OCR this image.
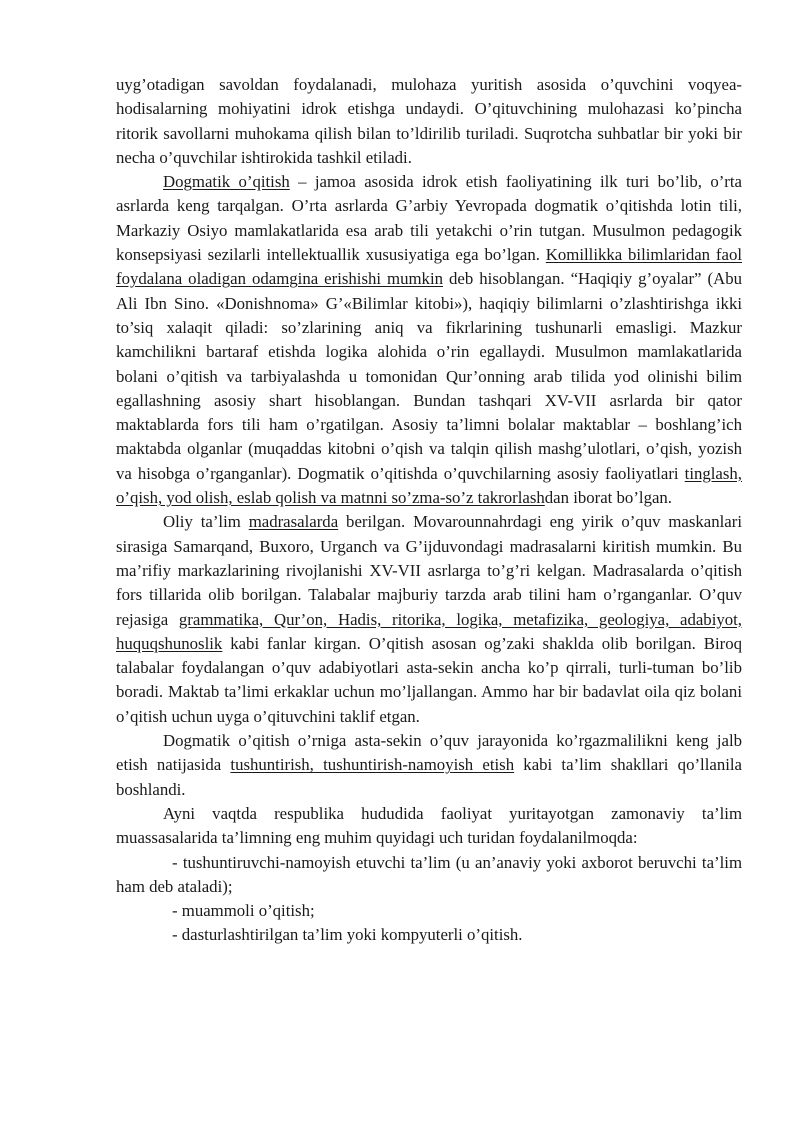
uyg’otadigan savoldan foydalanadi, mulohaza yuritish asosida o’quvchini voqyea-hodisalarning mohiyatini idrok etishga undaydi. O’qituvchining mulohazasi ko’pincha ritorik savollarni muhokama qilish bilan to’ldirilib turiladi. Suqrotcha suhbatlar bir yoki bir necha o’quvchilar ishtirokida tashkil etiladi.

Dogmatik o’qitish – jamoa asosida idrok etish faoliyatining ilk turi bo’lib, o’rta asrlarda keng tarqalgan. O’rta asrlarda G’arbiy Yevropada dogmatik o’qitishda lotin tili, Markaziy Osiyo mamlakatlarida esa arab tili yetakchi o’rin tutgan. Musulmon pedagogik konsepsiyasi sezilarli intellektuallik xususiyatiga ega bo’lgan. Komillikka bilimlaridan faol foydalana oladigan odamgina erishishi mumkin deb hisoblangan. “Haqiqiy g’oyalar” (Abu Ali Ibn Sino. «Donishnoma» G’«Bilimlar kitobi»), haqiqiy bilimlarni o’zlashtirishga ikki to’siq xalaqit qiladi: so’zlarining aniq va fikrlarining tushunarli emasligi. Mazkur kamchilikni bartaraf etishda logika alohida o’rin egallaydi. Musulmon mamlakatlarida bolani o’qitish va tarbiyalashda u tomonidan Qur’onning arab tilida yod olinishi bilim egallashning asosiy shart hisoblangan. Bundan tashqari XV-VII asrlarda bir qator maktablarda fors tili ham o’rgatilgan. Asosiy ta’limni bolalar maktablar – boshlang’ich maktabda olganlar (muqaddas kitobni o’qish va talqin qilish mashg’ulotlari, o’qish, yozish va hisobga o’rganganlar). Dogmatik o’qitishda o’quvchilarning asosiy faoliyatlari tinglash, o’qish, yod olish, eslab qolish va matnni so’zma-so’z takrorlashdan iborat bo’lgan.

Oliy ta’lim madrasalarda berilgan. Movarounnahrdagi eng yirik o’quv maskanlari sirasiga Samarqand, Buxoro, Urganch va G’ijduvondagi madrasalarni kiritish mumkin. Bu ma’rifiy markazlarining rivojlanishi XV-VII asrlarga to’g’ri kelgan. Madrasalarda o’qitish fors tillarida olib borilgan. Talabalar majburiy tarzda arab tilini ham o’rganganlar. O’quv rejasiga grammatika, Qur’on, Hadis, ritorika, logika, metafizika, geologiya, adabiyot, huquqshunoslik kabi fanlar kirgan. O’qitish asosan og’zaki shaklda olib borilgan. Biroq talabalar foydalangan o’quv adabiyotlari asta-sekin ancha ko’p qirrali, turli-tuman bo’lib boradi. Maktab ta’limi erkaklar uchun mo’ljallangan. Ammo har bir badavlat oila qiz bolani o’qitish uchun uyga o’qituvchini taklif etgan.

Dogmatik o’qitish o’rniga asta-sekin o’quv jarayonida ko’rgazmalilikni keng jalb etish natijasida tushuntirish, tushuntirish-namoyish etish kabi ta’lim shakllari qo’llanila boshlandi.

Ayni vaqtda respublika hududida faoliyat yuritayotgan zamonaviy ta’lim muassasalarida ta’limning eng muhim quyidagi uch turidan foydalanilmoqda:

- tushuntiruvchi-namoyish etuvchi ta’lim (u an’anaviy yoki axborot beruvchi ta’lim ham deb ataladi);

- muammoli o’qitish;

- dasturlashtirilgan ta’lim yoki kompyuterli o’qitish.
